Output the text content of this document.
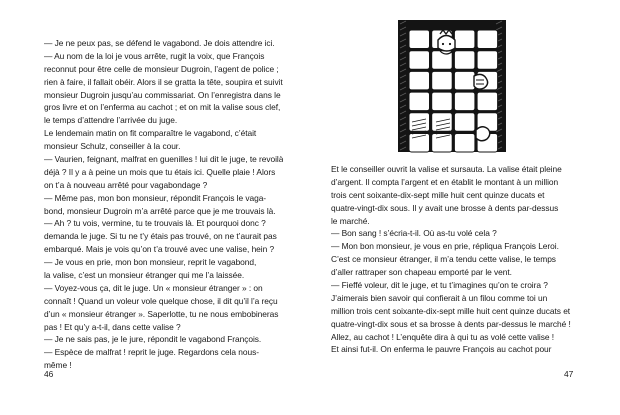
— Je ne peux pas, se défend le vagabond. Je dois attendre ici.
— Au nom de la loi je vous arrête, rugit la voix, que François
reconnut pour être celle de monsieur Dugroin, l’agent de police ;
rien à faire, il fallait obéir. Alors il se gratta la tête, soupira et suivit
monsieur Dugroin jusqu’au commissariat. On l’enregistra dans le
gros livre et on l’enferma au cachot ; et on mit la valise sous clef,
le temps d’attendre l’arrivée du juge.
Le lendemain matin on fit comparaître le vagabond, c’était
monsieur Schulz, conseiller à la cour.
— Vaurien, feignant, malfrat en guenilles ! lui dit le juge, te revoilà
déjà ? Il y a à peine un mois que tu étais ici. Quelle plaie ! Alors
on t’a à nouveau arrêté pour vagabondage ?
— Même pas, mon bon monsieur, répondit François le vaga-
bond, monsieur Dugroin m’a arrêté parce que je me trouvais là.
— Ah ? tu vois, vermine, tu te trouvais là. Et pourquoi donc ?
demanda le juge. Si tu ne t’y étais pas trouvé, on ne t’aurait pas
embarqué. Mais je vois qu’on t’a trouvé avec une valise, hein ?
— Je vous en prie, mon bon monsieur, reprit le vagabond,
la valise, c’est un monsieur étranger qui me l’a laissée.
— Voyez-vous ça, dit le juge. Un « monsieur étranger » : on
connaît ! Quand un voleur vole quelque chose, il dit qu’il l’a reçu
d’un « monsieur étranger ». Saperlotte, tu ne nous embobineras
pas ! Et qu’y a-t-il, dans cette valise ?
— Je ne sais pas, je le jure, répondit le vagabond François.
— Espèce de malfrat ! reprit le juge. Regardons cela nous-
même !
46
Et le conseiller ouvrit la valise et sursauta. La valise était pleine
d’argent. Il compta l’argent et en établit le montant à un million
trois cent soixante-dix-sept mille huit cent quinze ducats et
quatre-vingt-dix sous. Il y avait une brosse à dents par-dessus
le marché.
— Bon sang ! s’écria-t-il. Où as-tu volé cela ?
— Mon bon monsieur, je vous en prie, répliqua François Leroi.
C’est ce monsieur étranger, il m’a tendu cette valise, le temps
d’aller rattraper son chapeau emporté par le vent.
— Fieffé voleur, dit le juge, et tu t’imagines qu’on te croira ?
J’aimerais bien savoir qui confierait à un filou comme toi un
million trois cent soixante-dix-sept mille huit cent quinze ducats et
quatre-vingt-dix sous et sa brosse à dents par-dessus le marché !
Allez, au cachot ! L’enquête dira à qui tu as volé cette valise !
Et ainsi fut-il. On enferma le pauvre François au cachot pour
47
